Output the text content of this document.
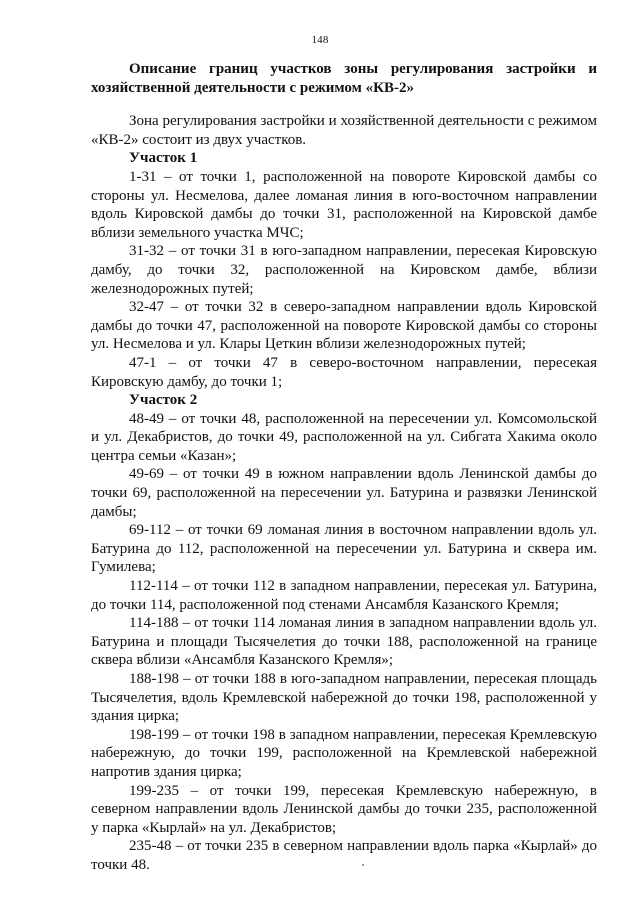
148

Описание границ участков зоны регулирования застройки и хозяйственной деятельности с режимом «КВ-2»

Зона регулирования застройки и хозяйственной деятельности с режимом «КВ-2» состоит из двух участков.

Участок 1

1-31 – от точки 1, расположенной на повороте Кировской дамбы со стороны ул. Несмелова, далее ломаная линия в юго-восточном направлении вдоль Кировской дамбы до точки 31, расположенной на Кировской дамбе вблизи земельного участка МЧС;

31-32 – от точки 31 в юго-западном направлении, пересекая Кировскую дамбу, до точки 32, расположенной на Кировском дамбе, вблизи железнодорожных путей;

32-47 – от точки 32 в северо-западном направлении вдоль Кировской дамбы до точки 47, расположенной на повороте Кировской дамбы со стороны ул. Несмелова и ул. Клары Цеткин вблизи железнодорожных путей;

47-1 – от точки 47 в северо-восточном направлении, пересекая Кировскую дамбу, до точки 1;

Участок 2

48-49 – от точки 48, расположенной на пересечении ул. Комсомольской и ул. Декабристов, до точки 49, расположенной на ул. Сибгата Хакима около центра семьи «Казан»;

49-69 – от точки 49 в южном направлении вдоль Ленинской дамбы до точки 69, расположенной на пересечении ул. Батурина и развязки Ленинской дамбы;

69-112 – от точки 69 ломаная линия в восточном направлении вдоль ул. Батурина до 112, расположенной на пересечении ул. Батурина и сквера им. Гумилева;

112-114 – от точки 112 в западном направлении, пересекая ул. Батурина, до точки 114, расположенной под стенами Ансамбля Казанского Кремля;

114-188 – от точки 114 ломаная линия в западном направлении вдоль ул. Батурина и площади Тысячелетия до точки 188, расположенной на границе сквера вблизи «Ансамбля Казанского Кремля»;

188-198 – от точки 188 в юго-западном направлении, пересекая площадь Тысячелетия, вдоль Кремлевской набережной до точки 198, расположенной у здания цирка;

198-199 – от точки 198 в западном направлении, пересекая Кремлевскую набережную, до точки 199, расположенной на Кремлевской набережной напротив здания цирка;

199-235 – от точки 199, пересекая Кремлевскую набережную, в северном направлении вдоль Ленинской дамбы до точки 235, расположенной у парка «Кырлай» на ул. Декабристов;

235-48 – от точки 235 в северном направлении вдоль парка «Кырлай» до точки 48.
